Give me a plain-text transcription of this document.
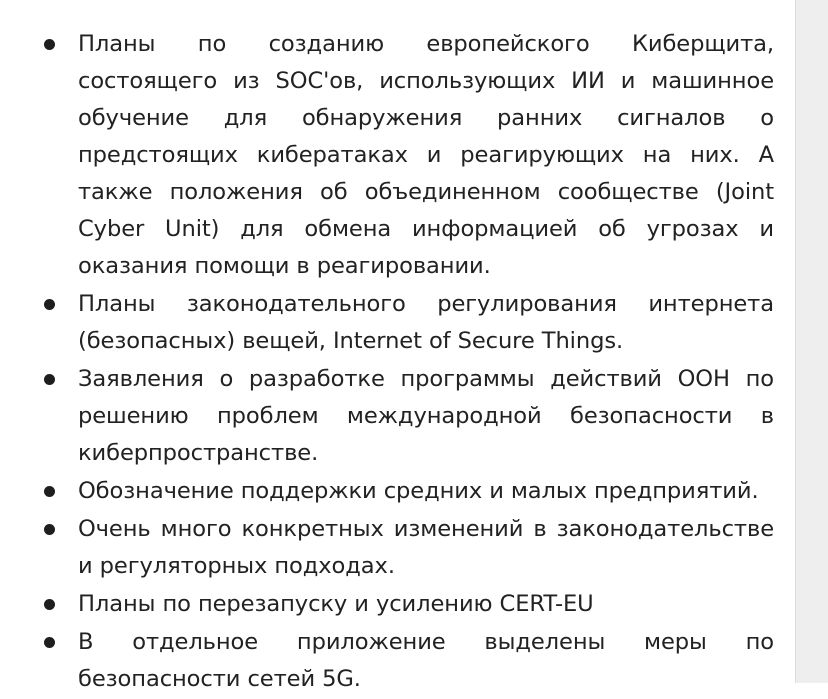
Планы по созданию европейского Киберщита, состоящего из SOC'ов, использующих ИИ и машинное обучение для обнаружения ранних сигналов о предстоящих кибератаках и реагирующих на них. А также положения об объединенном сообществе (Joint Cyber Unit) для обмена информацией об угрозах и оказания помощи в реагировании.
Планы законодательного регулирования интернета (безопасных) вещей, Internet of Secure Things.
Заявления о разработке программы действий ООН по решению проблем международной безопасности в киберпространстве.
Обозначение поддержки средних и малых предприятий.
Очень много конкретных изменений в законодательстве и регуляторных подходах.
Планы по перезапуску и усилению CERT-EU
В отдельное приложение выделены меры по безопасности сетей 5G.
